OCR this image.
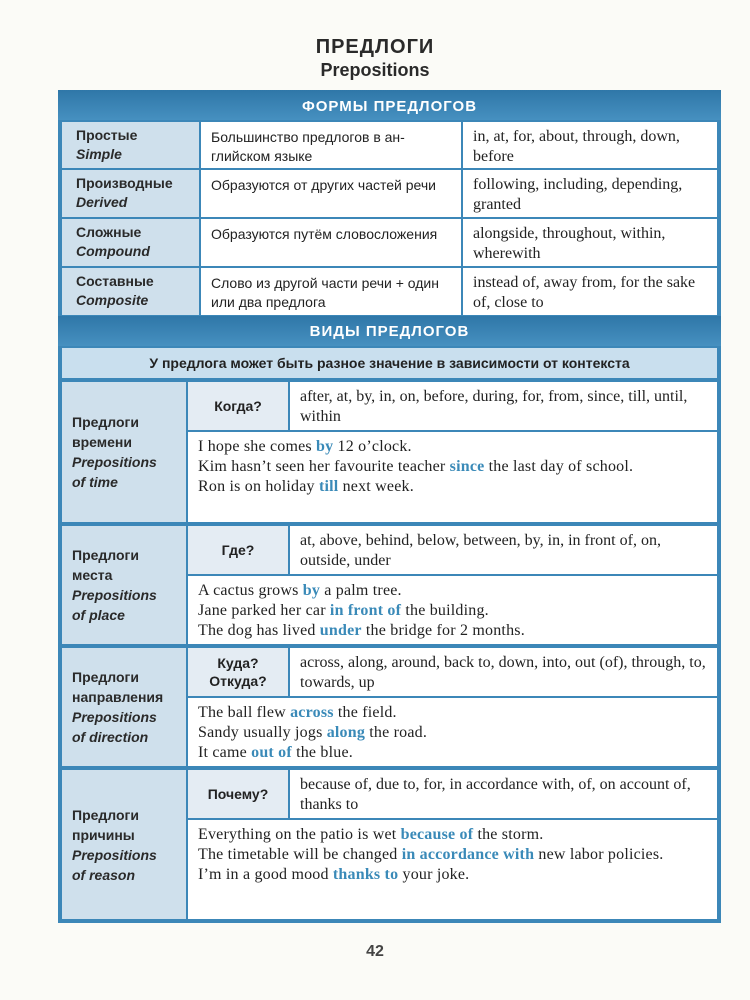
ПРЕДЛОГИ
Prepositions
ФОРМЫ ПРЕДЛОГОВ
Простые
Simple
Большинство предлогов в английском языке
in, at, for, about, through, down, before
Производные
Derived
Образуются от других частей речи	following, including, depending, granted
Сложные
Compound
Образуются путём словосложения	alongside, throughout, within, wherewith
Составные
Composite
Слово из другой части речи + один или два предлога
instead of, away from, for the sake of, close to
ВИДЫ ПРЕДЛОГОВ
У предлога может быть разное значение в зависимости от контекста
Предлоги
времени
Prepositions
of time
Когда?
after, at, by, in, on, before, during, for, from, since, till, until, within
I hope she comes by 12 o’clock.
Kim hasn’t seen her favourite teacher since the last day of school.
Ron is on holiday till next week.
Предлоги
места
Prepositions
of place
Где?
at, above, behind, below, between, by, in, in front of, on, outside, under
A cactus grows by a palm tree.
Jane parked her car in front of the building.
The dog has lived under the bridge for 2 months.
Предлоги
направления
Prepositions
of direction
Куда?
Откуда?
across, along, around, back to, down, into, out (of), through, to, towards, up
The ball flew across the field.
Sandy usually jogs along the road.
It came out of the blue.
Предлоги
причины
Prepositions
of reason
Почему?
because of, due to, for, in accordance with, of, on account of, thanks to
Everything on the patio is wet because of the storm.
The timetable will be changed in accordance with new labor policies.
I’m in a good mood thanks to your joke.
42
